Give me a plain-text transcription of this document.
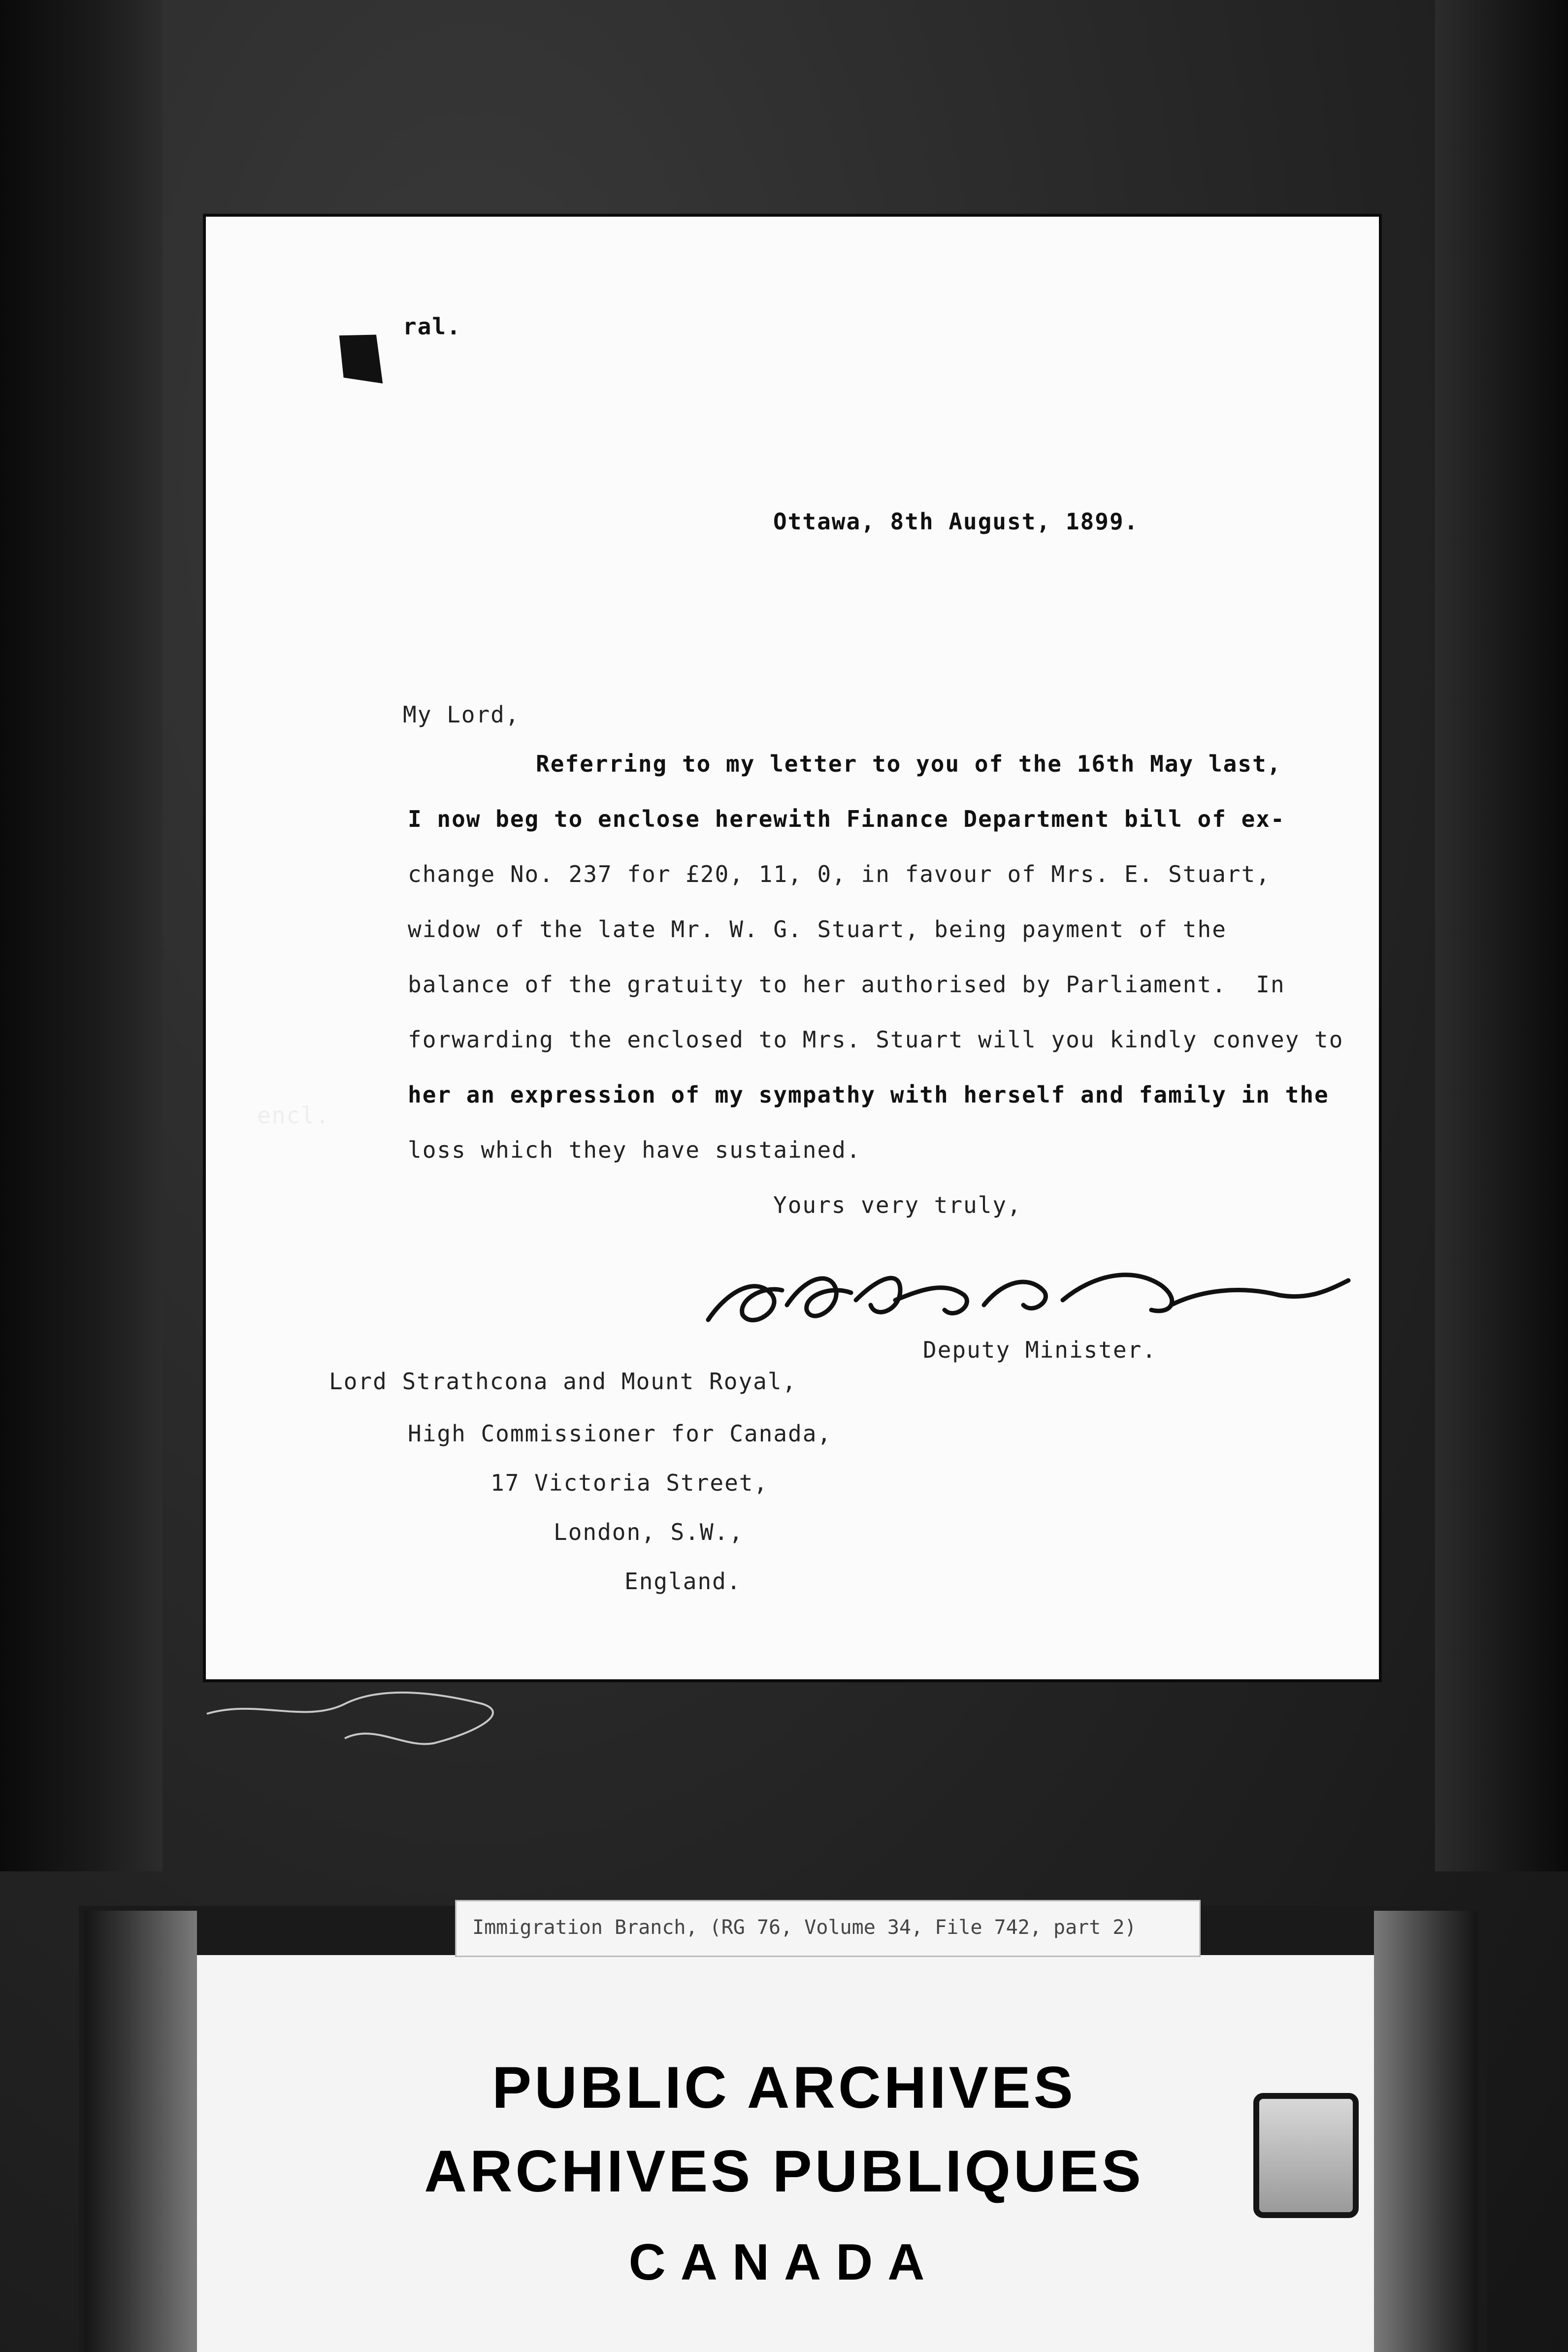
ral.
Ottawa, 8th August, 1899.
My Lord,
Referring to my letter to you of the 16th May last,
I now beg to enclose herewith Finance Department bill of ex-
change No. 237 for £20, 11, 0, in favour of Mrs. E. Stuart,
widow of the late Mr. W. G. Stuart, being payment of the
balance of the gratuity to her authorised by Parliament.  In
forwarding the enclosed to Mrs. Stuart will you kindly convey to
her an expression of my sympathy with herself and family in the
loss which they have sustained.
Yours very truly,
A. G. Stuart	Deputy Minister.
Lord Strathcona and Mount Royal,
High Commissioner for Canada,
17 Victoria Street,
London, S.W.,
England.
encl.
Immigration Branch, (RG 76, Volume 34, File 742, part 2)
PUBLIC ARCHIVES
ARCHIVES PUBLIQUES
CANADA
